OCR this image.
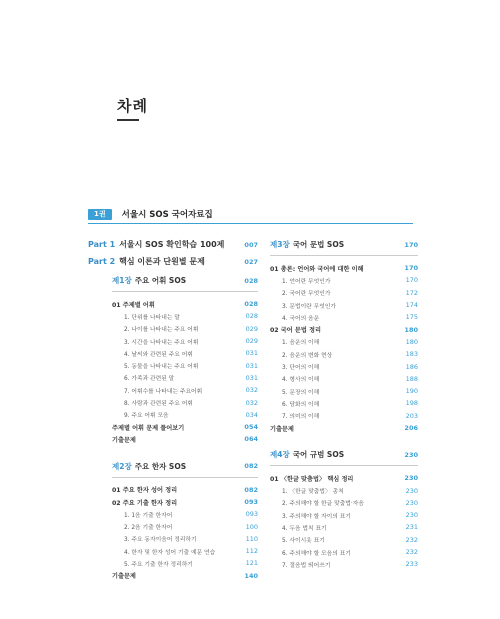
차례
1권	서울시 SOS 국어자료집
Part 1 서울시 SOS 확인학습 100제	007
Part 2 핵심 이론과 단원별 문제	027
제1장 주요 어휘 SOS	028
01 주제별 어휘	028
1. 단위를 나타내는 말	028
2. 나이를 나타내는 주요 어휘	029
3. 시간을 나타내는 주요 어휘	029
4. 날씨와 관련된 주요 어휘	031
5. 동물을 나타내는 주요 어휘	031
6. 가족과 관련된 말	031
7. 어휘수를 나타내는 주요어휘	032
8. 사람과 관련된 주요 어휘	032
9. 주요 어휘 모음	034
주제별 어휘 문제 풀어보기	054
기출문제	064
제2장 주요 한자 SOS	082
01 주요 한자 성어 정리	082
02 주요 기출 한자 정리	093
1. 1음 기출 한자어	093
2. 2음 기출 한자어	100
3. 주요 동자이음어 정리하기	110
4. 한자 및 한자 성어 기출 예문 연습	112
5. 주요 기출 한자 정리하기	121
기출문제	140
제3장 국어 문법 SOS	170
01 총론: 언어와 국어에 대한 이해	170
1. 언어란 무엇인가	170
2. 국어란 무엇인가	172
3. 문법이란 무엇인가	174
4. 국어의 음운	175
02 국어 문법 정리	180
1. 음운의 이해	180
2. 음운의 변화 현상	183
3. 단어의 이해	186
4. 형사의 이해	188
5. 문장의 이해	190
6. 담화의 이해	198
7. 의미의 이해	203
기출문제	206
제4장 국어 규범 SOS	230
01 〈한글 맞춤법〉 핵심 정리	230
1. 〈한글 맞춤법〉 총칙	230
2. 주의해야 할 한글 맞춤법·자음	230
3. 주의해야 할 자이의 표기	230
4. 두음 법칙 표기	231
5. 사이시옷 표기	232
6. 주의해야 할 모음의 표기	232
7. 절음법 띄어쓰기	233
